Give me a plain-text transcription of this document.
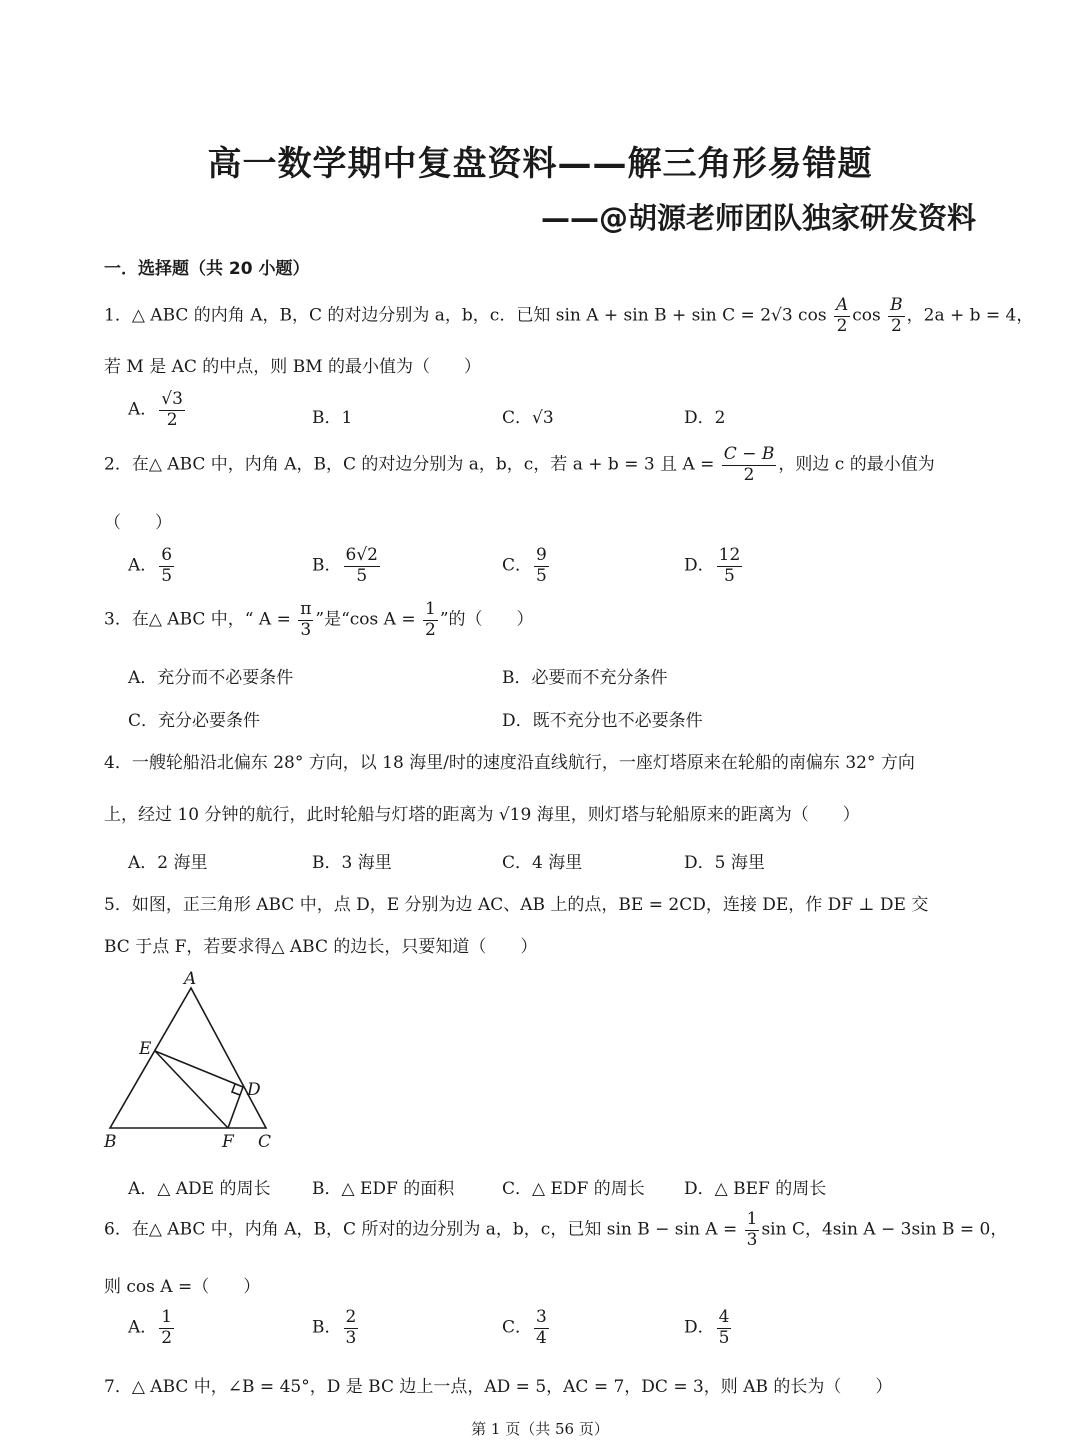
高一数学期中复盘资料——解三角形易错题
——@胡源老师团队独家研发资料
一．选择题（共 20 小题）
1．△ ABC 的内角 A，B，C 的对边分别为 a，b，c．已知 sin A + sin B + sin C = 2√3 $\cos \frac{A}{2}$ $\cos \frac{B}{2}$ ，2a + b = 4，
若 M 是 AC 的中点，则 BM 的最小值为（　　）
A． $\frac{√3}{2}$	B．1	C．√3	D．2
2．在△ ABC 中，内角 A，B，C 的对边分别为 a，b，c，若 a + b = 3 且 $A = \frac{C - B}{2}$ ，则边 c 的最小值为
（　　）
A． $\frac{6}{5}$	B． $\frac{6√2}{5}$	C． $\frac{9}{5}$	D． $\frac{12}{5}$
3．在△ ABC 中，“ $A = \frac{\pi}{3}$ ”是“cos $A = \frac{1}{2}$ ”的（　　）
A．充分而不必要条件	B．必要而不充分条件
C．充分必要条件	D．既不充分也不必要条件
4．一艘轮船沿北偏东 28° 方向，以 18 海里/时的速度沿直线航行，一座灯塔原来在轮船的南偏东 32° 方向
上，经过 10 分钟的航行，此时轮船与灯塔的距离为 √19 海里，则灯塔与轮船原来的距离为（　　）
A．2 海里	B．3 海里	C．4 海里	D．5 海里
5．如图，正三角形 ABC 中，点 D，E 分别为边 AC、AB 上的点，BE = 2CD，连接 DE，作 DF ⊥ DE 交
BC 于点 F，若要求得△ ABC 的边长，只要知道（　　）
A
E
D
B	F C
A．△ ADE 的周长 B．△ EDF 的面积	C．△ EDF 的周长 D．△ BEF 的周长
6．在△ ABC 中，内角 A，B，C 所对的边分别为 a，b，c，已知 $\sin B - \sin A = \frac{1}{3}$ sin C，4sin A − 3sin B = 0，
则 cos A =（　　）
A． $\frac{1}{2}$	B． $\frac{2}{3}$	C． $\frac{3}{4}$	D． $\frac{4}{5}$
7．△ ABC 中，∠B = 45°，D 是 BC 边上一点，AD = 5，AC = 7，DC = 3，则 AB 的长为（　　）
第 1 页（共 56 页）
